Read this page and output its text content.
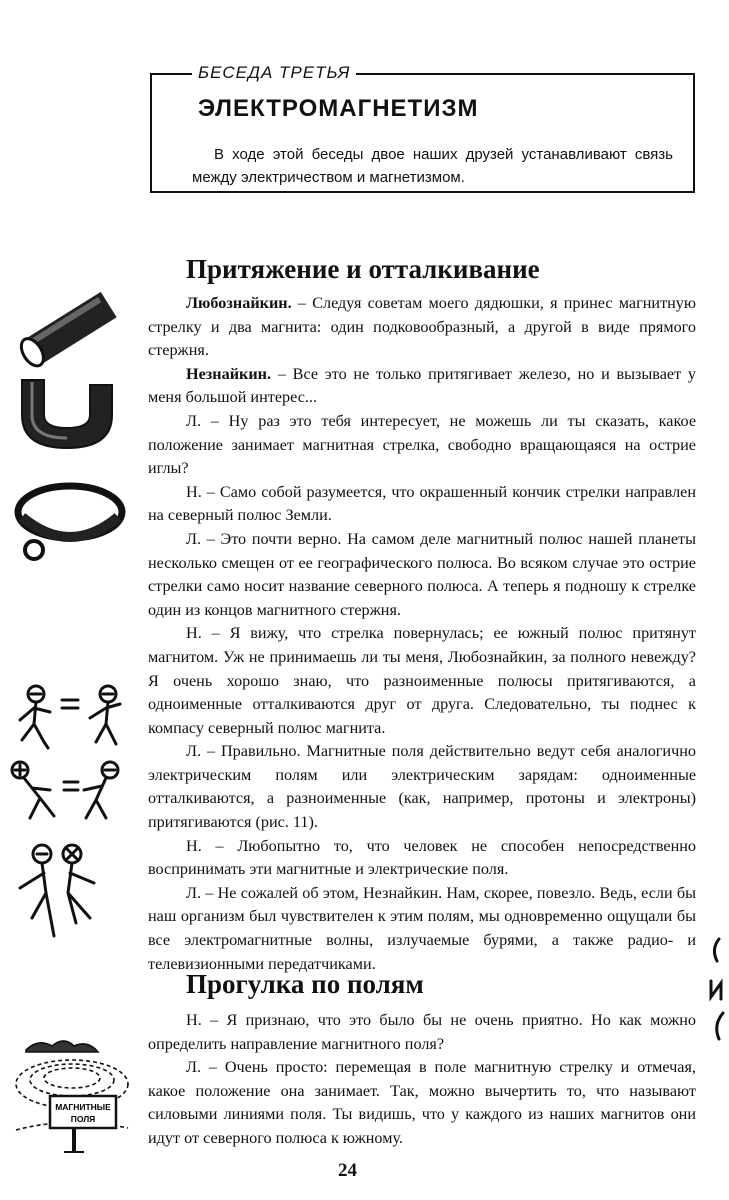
БЕСЕДА ТРЕТЬЯ
ЭЛЕКТРОМАГНЕТИЗМ
В ходе этой беседы двое наших друзей устанавливают связь между электричеством и магнетизмом.
Притяжение и отталкивание

Любознайкин. – Следуя советам моего дядюшки, я принес магнитную стрелку и два магнита: один подковообразный, а другой в виде прямого стержня.

Незнайкин. – Все это не только притягивает железо, но и вызывает у меня большой интерес...

Л. – Ну раз это тебя интересует, не можешь ли ты сказать, какое положение занимает магнитная стрелка, свободно вращающаяся на острие иглы?

Н. – Само собой разумеется, что окрашенный кончик стрелки направлен на северный полюс Земли.

Л. – Это почти верно. На самом деле магнитный полюс нашей планеты несколько смещен от ее географического полюса. Во всяком случае это острие стрелки само носит название северного полюса. А теперь я подношу к стрелке один из концов магнитного стержня.

Н. – Я вижу, что стрелка повернулась; ее южный полюс притянут магнитом. Уж не принимаешь ли ты меня, Любознайкин, за полного невежду? Я очень хорошо знаю, что разноименные полюсы притягиваются, а одноименные отталкиваются друг от друга. Следовательно, ты поднес к компасу северный полюс магнита.

Л. – Правильно. Магнитные поля действительно ведут себя аналогично электрическим полям или электрическим зарядам: одноименные отталкиваются, а разноименные (как, например, протоны и электроны) притягиваются (рис. 11).

Н. – Любопытно то, что человек не способен непосредственно воспринимать эти магнитные и электрические поля.

Л. – Не сожалей об этом, Незнайкин. Нам, скорее, повезло. Ведь, если бы наш организм был чувствителен к этим полям, мы одновременно ощущали бы все электромагнитные волны, излучаемые бурями, а также радио- и телевизионными передатчиками.

Прогулка по полям

Н. – Я признаю, что это было бы не очень приятно. Но как можно определить направление магнитного поля?

Л. – Очень просто: перемещая в поле магнитную стрелку и отмечая, какое положение она занимает. Так, можно вычертить то, что называют силовыми линиями поля. Ты видишь, что у каждого из наших магнитов они идут от северного полюса к южному.

МАГНИТНЫЕ
ПОЛЯ
24
